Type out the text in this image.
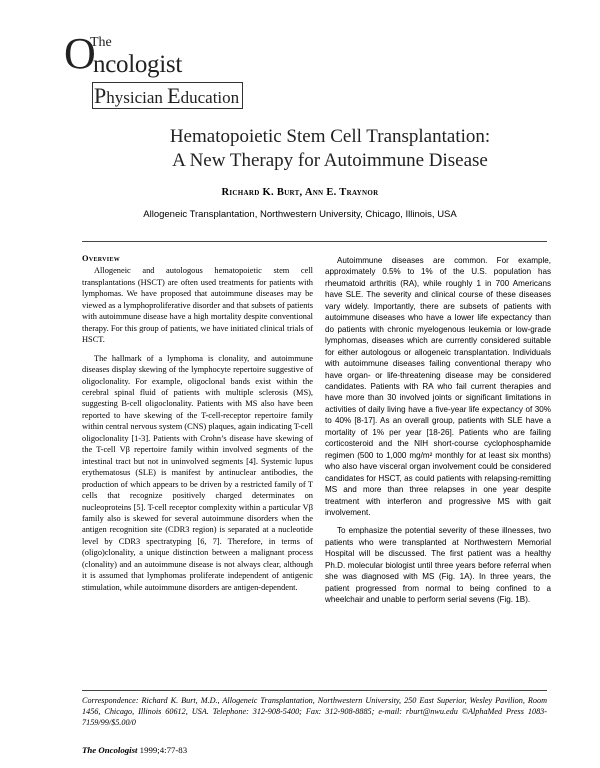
O
The
ncologist
Physician Education
Hematopoietic Stem Cell Transplantation:
A New Therapy for Autoimmune Disease
Richard K. Burt, Ann E. Traynor
Allogeneic Transplantation, Northwestern University, Chicago, Illinois, USA
Overview

Allogeneic and autologous hematopoietic stem cell transplantations (HSCT) are often used treatments for patients with lymphomas. We have proposed that autoimmune diseases may be viewed as a lymphoproliferative disorder and that subsets of patients with autoimmune disease have a high mortality despite conventional therapy. For this group of patients, we have initiated clinical trials of HSCT.

The hallmark of a lymphoma is clonality, and autoimmune diseases display skewing of the lymphocyte repertoire suggestive of oligoclonality. For example, oligoclonal bands exist within the cerebral spinal fluid of patients with multiple sclerosis (MS), suggesting B-cell oligoclonality. Patients with MS also have been reported to have skewing of the T-cell-receptor repertoire family within central nervous system (CNS) plaques, again indicating T-cell oligoclonality [1-3]. Patients with Crohn’s disease have skewing of the T-cell Vβ repertoire family within involved segments of the intestinal tract but not in uninvolved segments [4]. Systemic lupus erythematosus (SLE) is manifest by antinuclear antibodies, the production of which appears to be driven by a restricted family of T cells that recognize positively charged determinates on nucleoproteins [5]. T-cell receptor complexity within a particular Vβ family also is skewed for several autoimmune disorders when the antigen recognition site (CDR3 region) is separated at a nucleotide level by CDR3 spectratyping [6, 7]. Therefore, in terms of (oligo)clonality, a unique distinction between a malignant process (clonality) and an autoimmune disease is not always clear, although it is assumed that lymphomas proliferate independent of antigenic stimulation, while autoimmune disorders are antigen-dependent.

Autoimmune diseases are common. For example, approximately 0.5% to 1% of the U.S. population has rheumatoid arthritis (RA), while roughly 1 in 700 Americans have SLE. The severity and clinical course of these diseases vary widely. Importantly, there are subsets of patients with autoimmune diseases who have a lower life expectancy than do patients with chronic myelogenous leukemia or low-grade lymphomas, diseases which are currently considered suitable for either autologous or allogeneic transplantation. Individuals with autoimmune diseases failing conventional therapy who have organ- or life-threatening disease may be considered candidates. Patients with RA who fail current therapies and have more than 30 involved joints or significant limitations in activities of daily living have a five-year life expectancy of 30% to 40% [8-17]. As an overall group, patients with SLE have a mortality of 1% per year [18-26]. Patients who are failing corticosteroid and the NIH short-course cyclophosphamide regimen (500 to 1,000 mg/m² monthly for at least six months) who also have visceral organ involvement could be considered candidates for HSCT, as could patients with relapsing-remitting MS and more than three relapses in one year despite treatment with interferon and progressive MS with gait involvement.

To emphasize the potential severity of these illnesses, two patients who were transplanted at Northwestern Memorial Hospital will be discussed. The first patient was a healthy Ph.D. molecular biologist until three years before referral when she was diagnosed with MS (Fig. 1A). In three years, the patient progressed from normal to being confined to a wheelchair and unable to perform serial sevens (Fig. 1B).

Correspondence: Richard K. Burt, M.D., Allogeneic Transplantation, Northwestern University, 250 East Superior, Wesley Pavilion, Room 1456, Chicago, Illinois 60612, USA. Telephone: 312-908-5400; Fax: 312-908-8885; e-mail: rburt@nwu.edu ©AlphaMed Press 1083-7159/99/$5.00/0
The Oncologist 1999;4:77-83
